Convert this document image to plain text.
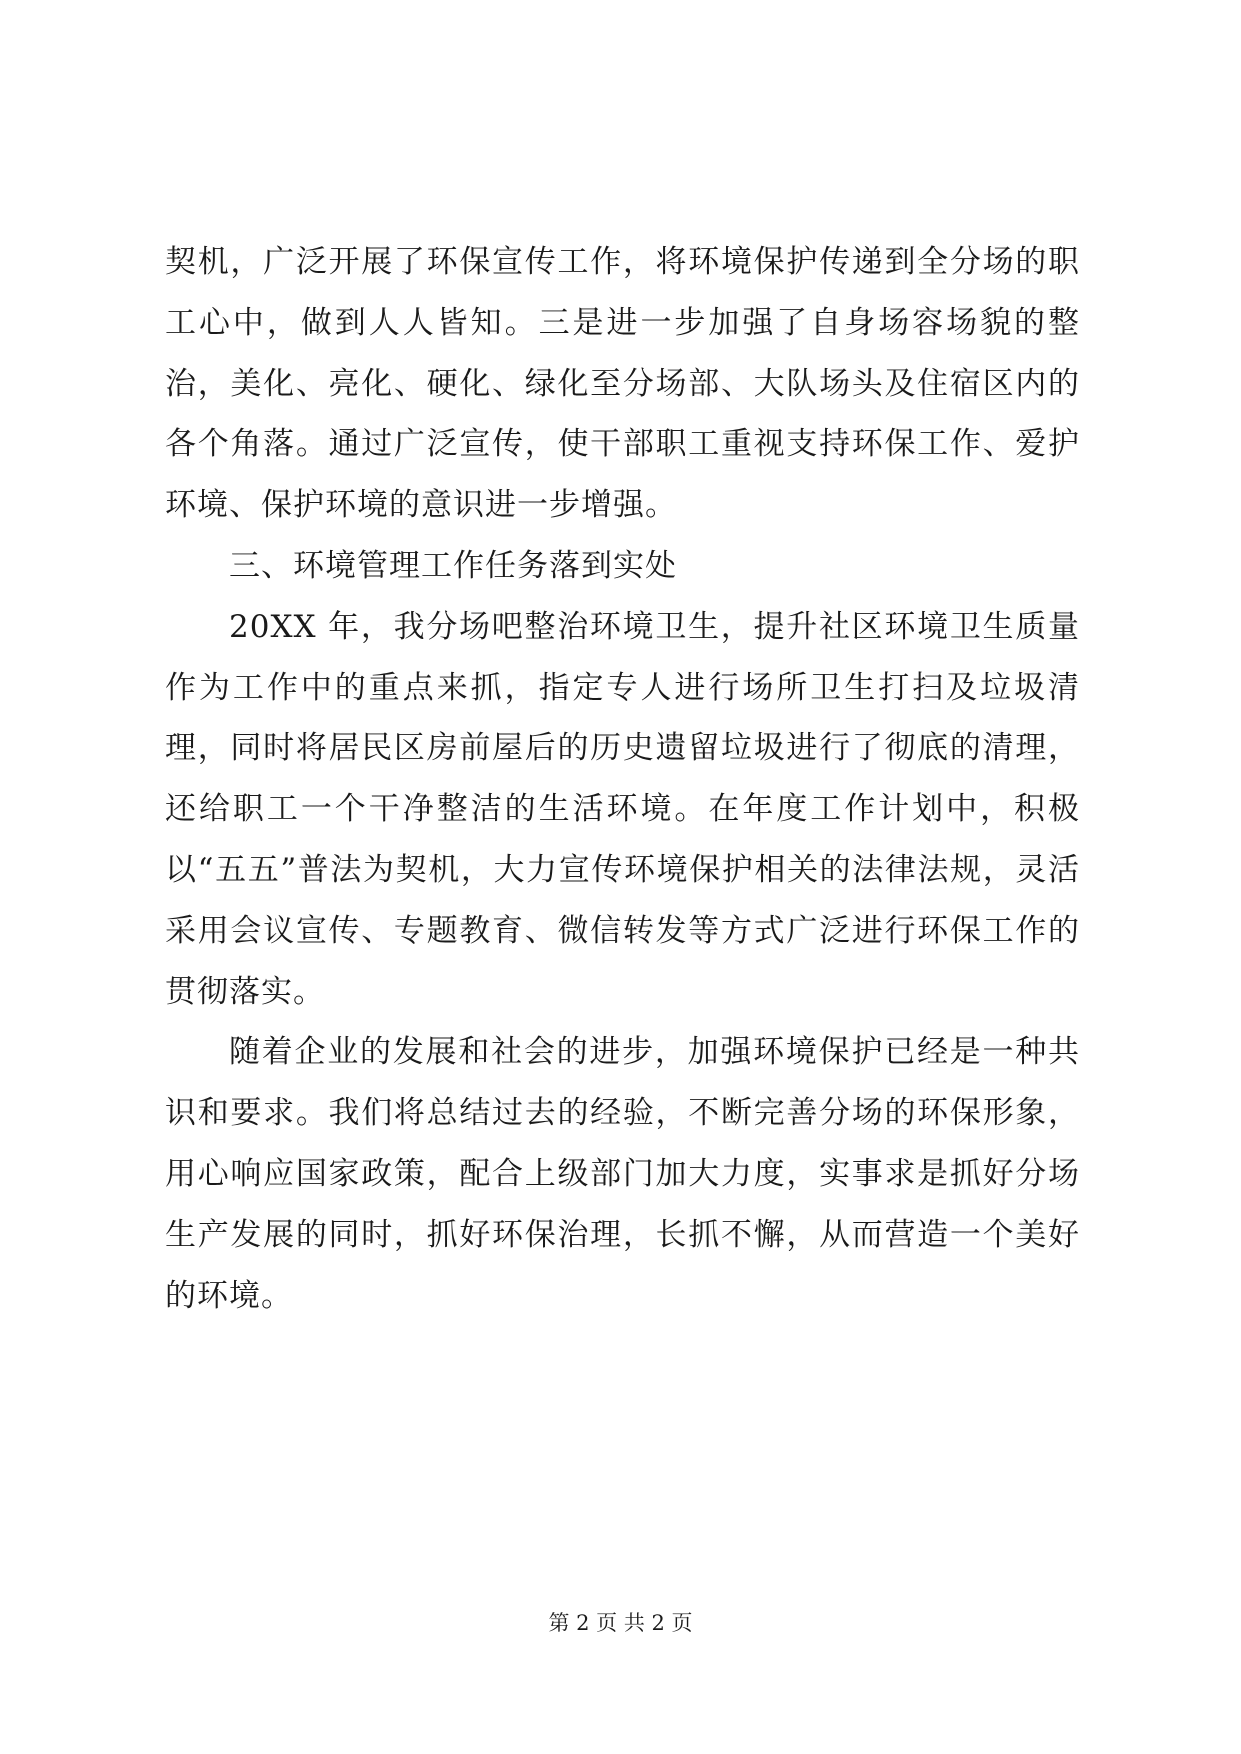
契机，广泛开展了环保宣传工作，将环境保护传递到全分场的职工心中，做到人人皆知。三是进一步加强了自身场容场貌的整治，美化、亮化、硬化、绿化至分场部、大队场头及住宿区内的各个角落。通过广泛宣传，使干部职工重视支持环保工作、爱护环境、保护环境的意识进一步增强。

三、环境管理工作任务落到实处

20XX 年，我分场吧整治环境卫生，提升社区环境卫生质量作为工作中的重点来抓，指定专人进行场所卫生打扫及垃圾清理，同时将居民区房前屋后的历史遗留垃圾进行了彻底的清理，还给职工一个干净整洁的生活环境。在年度工作计划中，积极以“五五”普法为契机，大力宣传环境保护相关的法律法规，灵活采用会议宣传、专题教育、微信转发等方式广泛进行环保工作的贯彻落实。

随着企业的发展和社会的进步，加强环境保护已经是一种共识和要求。我们将总结过去的经验，不断完善分场的环保形象，用心响应国家政策，配合上级部门加大力度，实事求是抓好分场生产发展的同时，抓好环保治理，长抓不懈，从而营造一个美好的环境。

第 2 页 共 2 页
